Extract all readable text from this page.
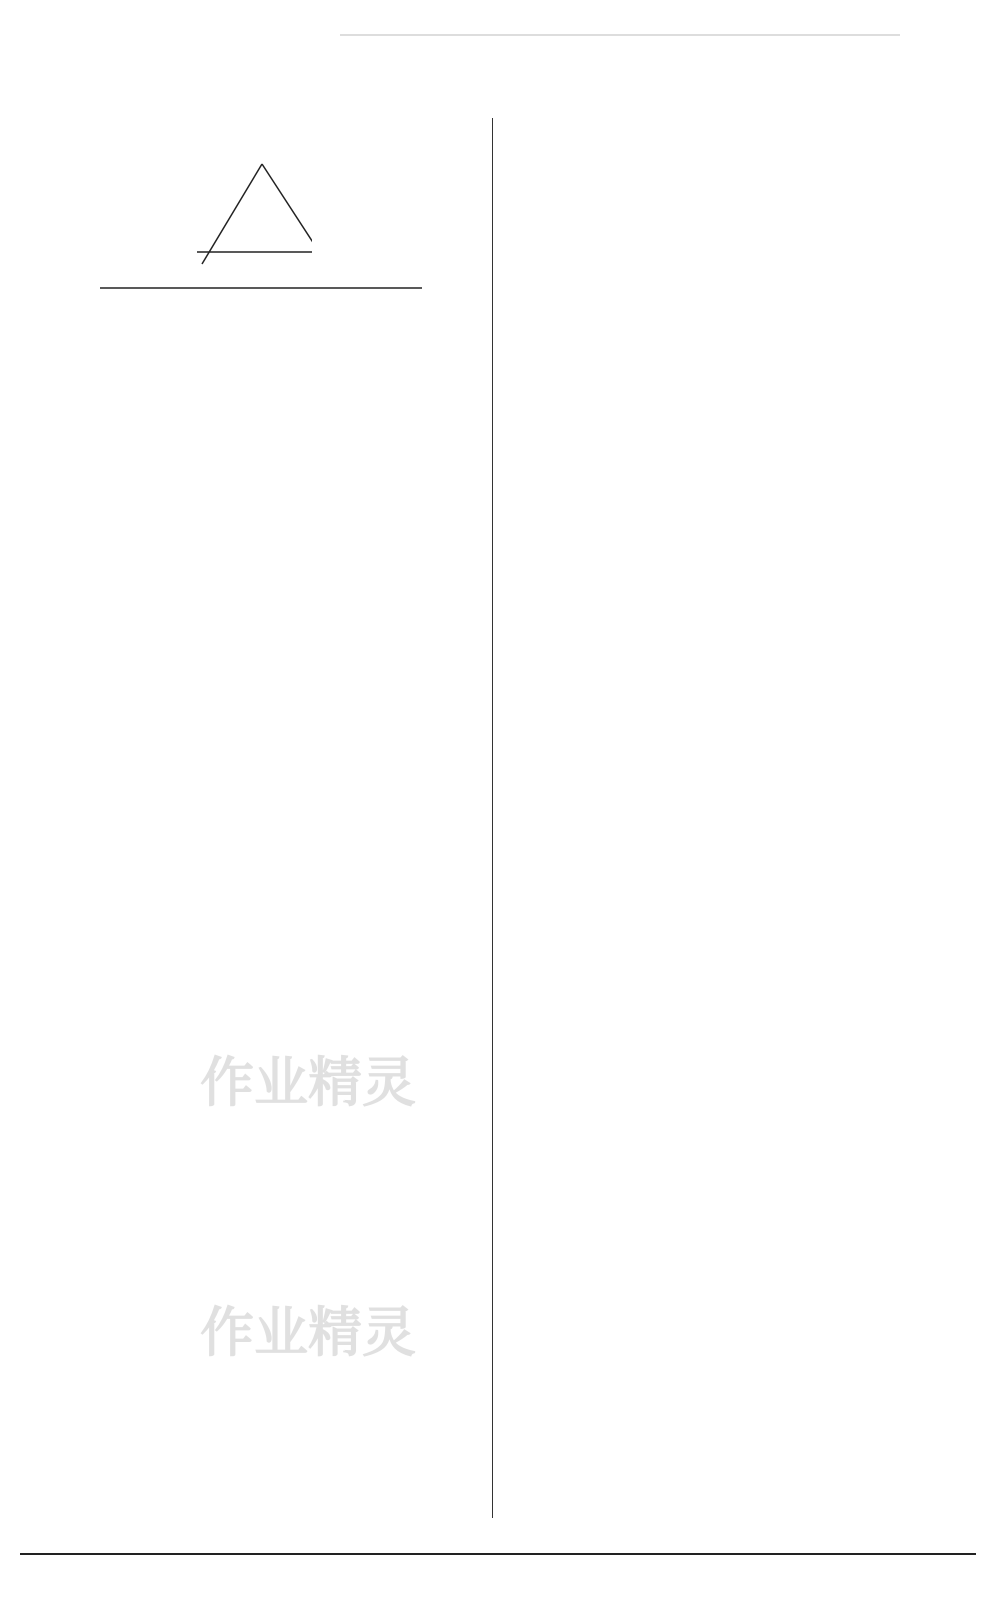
作业精灵
作业精灵
